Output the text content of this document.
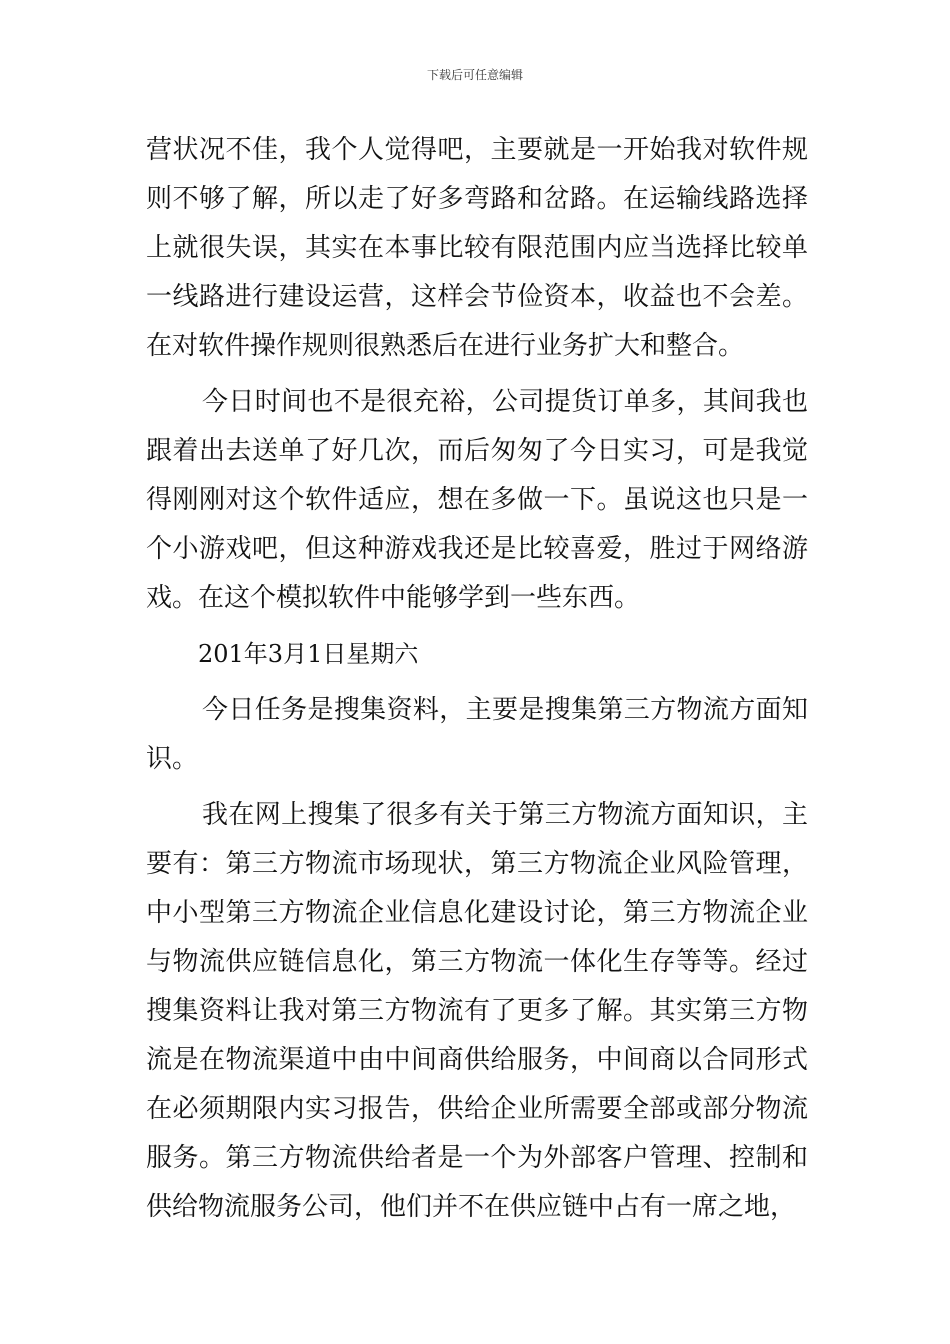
下载后可任意编辑

营状况不佳，我个人觉得吧，主要就是一开始我对软件规则不够了解，所以走了好多弯路和岔路。在运输线路选择上就很失误，其实在本事比较有限范围内应当选择比较单一线路进行建设运营，这样会节俭资本，收益也不会差。在对软件操作规则很熟悉后在进行业务扩大和整合。

今日时间也不是很充裕，公司提货订单多，其间我也跟着出去送单了好几次，而后匆匆了今日实习，可是我觉得刚刚对这个软件适应，想在多做一下。虽说这也只是一个小游戏吧，但这种游戏我还是比较喜爱，胜过于网络游戏。在这个模拟软件中能够学到一些东西。

201年3月1日星期六

今日任务是搜集资料，主要是搜集第三方物流方面知识。

我在网上搜集了很多有关于第三方物流方面知识，主要有：第三方物流市场现状，第三方物流企业风险管理，中小型第三方物流企业信息化建设讨论，第三方物流企业与物流供应链信息化，第三方物流一体化生存等等。经过搜集资料让我对第三方物流有了更多了解。其实第三方物流是在物流渠道中由中间商供给服务，中间商以合同形式在必须期限内实习报告，供给企业所需要全部或部分物流服务。第三方物流供给者是一个为外部客户管理、控制和供给物流服务公司，他们并不在供应链中占有一席之地，
